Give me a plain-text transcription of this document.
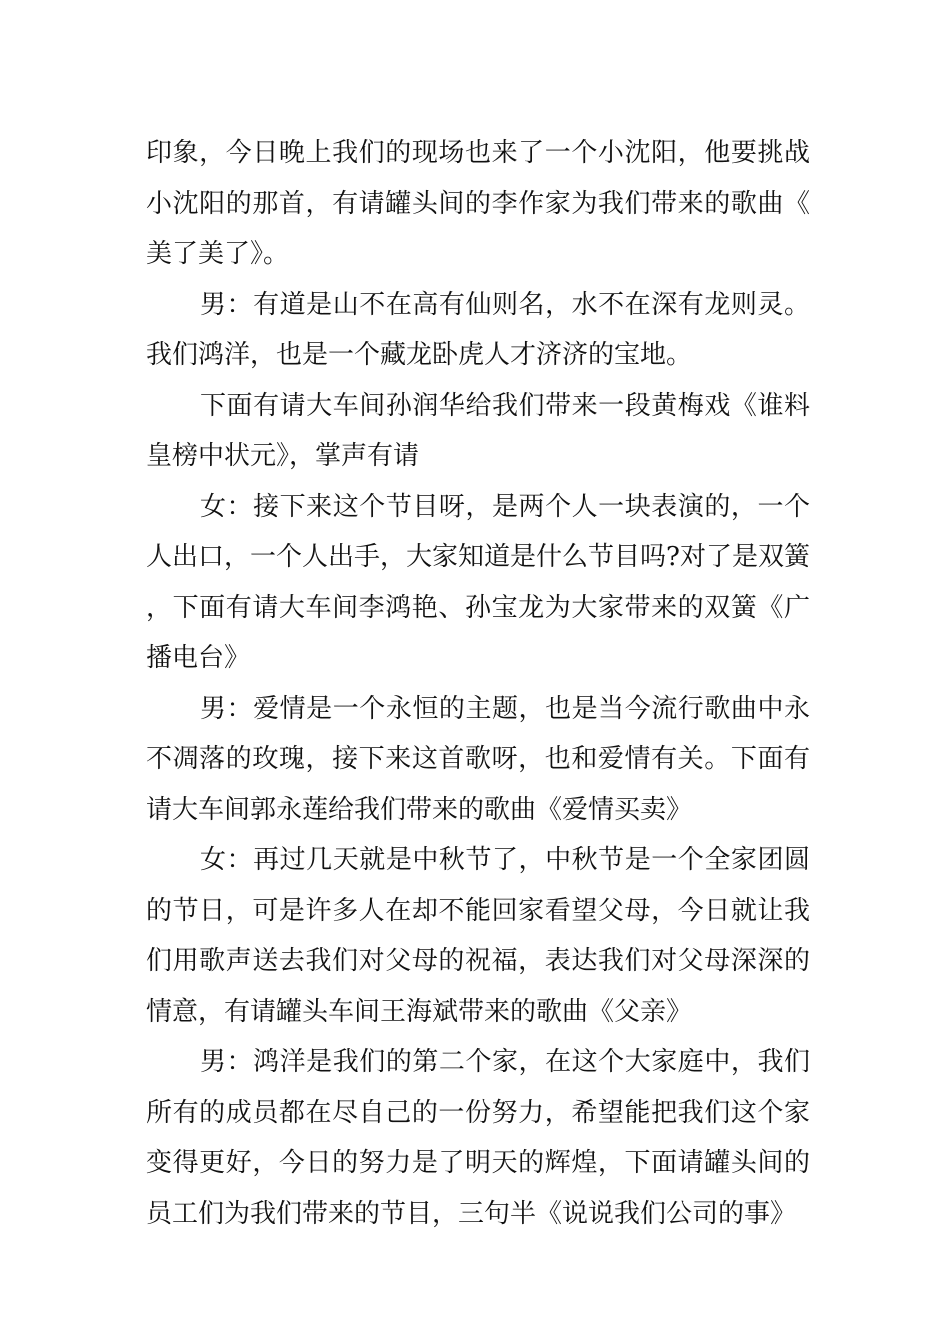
印象，今日晚上我们的现场也来了一个小沈阳，他要挑战小沈阳的那首，有请罐头间的李作家为我们带来的歌曲《美了美了》。

男：有道是山不在高有仙则名，水不在深有龙则灵。我们鸿洋，也是一个藏龙卧虎人才济济的宝地。

下面有请大车间孙润华给我们带来一段黄梅戏《谁料皇榜中状元》，掌声有请

女：接下来这个节目呀，是两个人一块表演的，一个人出口，一个人出手，大家知道是什么节目吗?对了是双簧，下面有请大车间李鸿艳、孙宝龙为大家带来的双簧《广播电台》

男：爱情是一个永恒的主题，也是当今流行歌曲中永不凋落的玫瑰，接下来这首歌呀，也和爱情有关。下面有请大车间郭永莲给我们带来的歌曲《爱情买卖》

女：再过几天就是中秋节了，中秋节是一个全家团圆的节日，可是许多人在却不能回家看望父母，今日就让我们用歌声送去我们对父母的祝福，表达我们对父母深深的情意，有请罐头车间王海斌带来的歌曲《父亲》

男：鸿洋是我们的第二个家，在这个大家庭中，我们所有的成员都在尽自己的一份努力，希望能把我们这个家变得更好，今日的努力是了明天的辉煌，下面请罐头间的员工们为我们带来的节目，三句半《说说我们公司的事》
